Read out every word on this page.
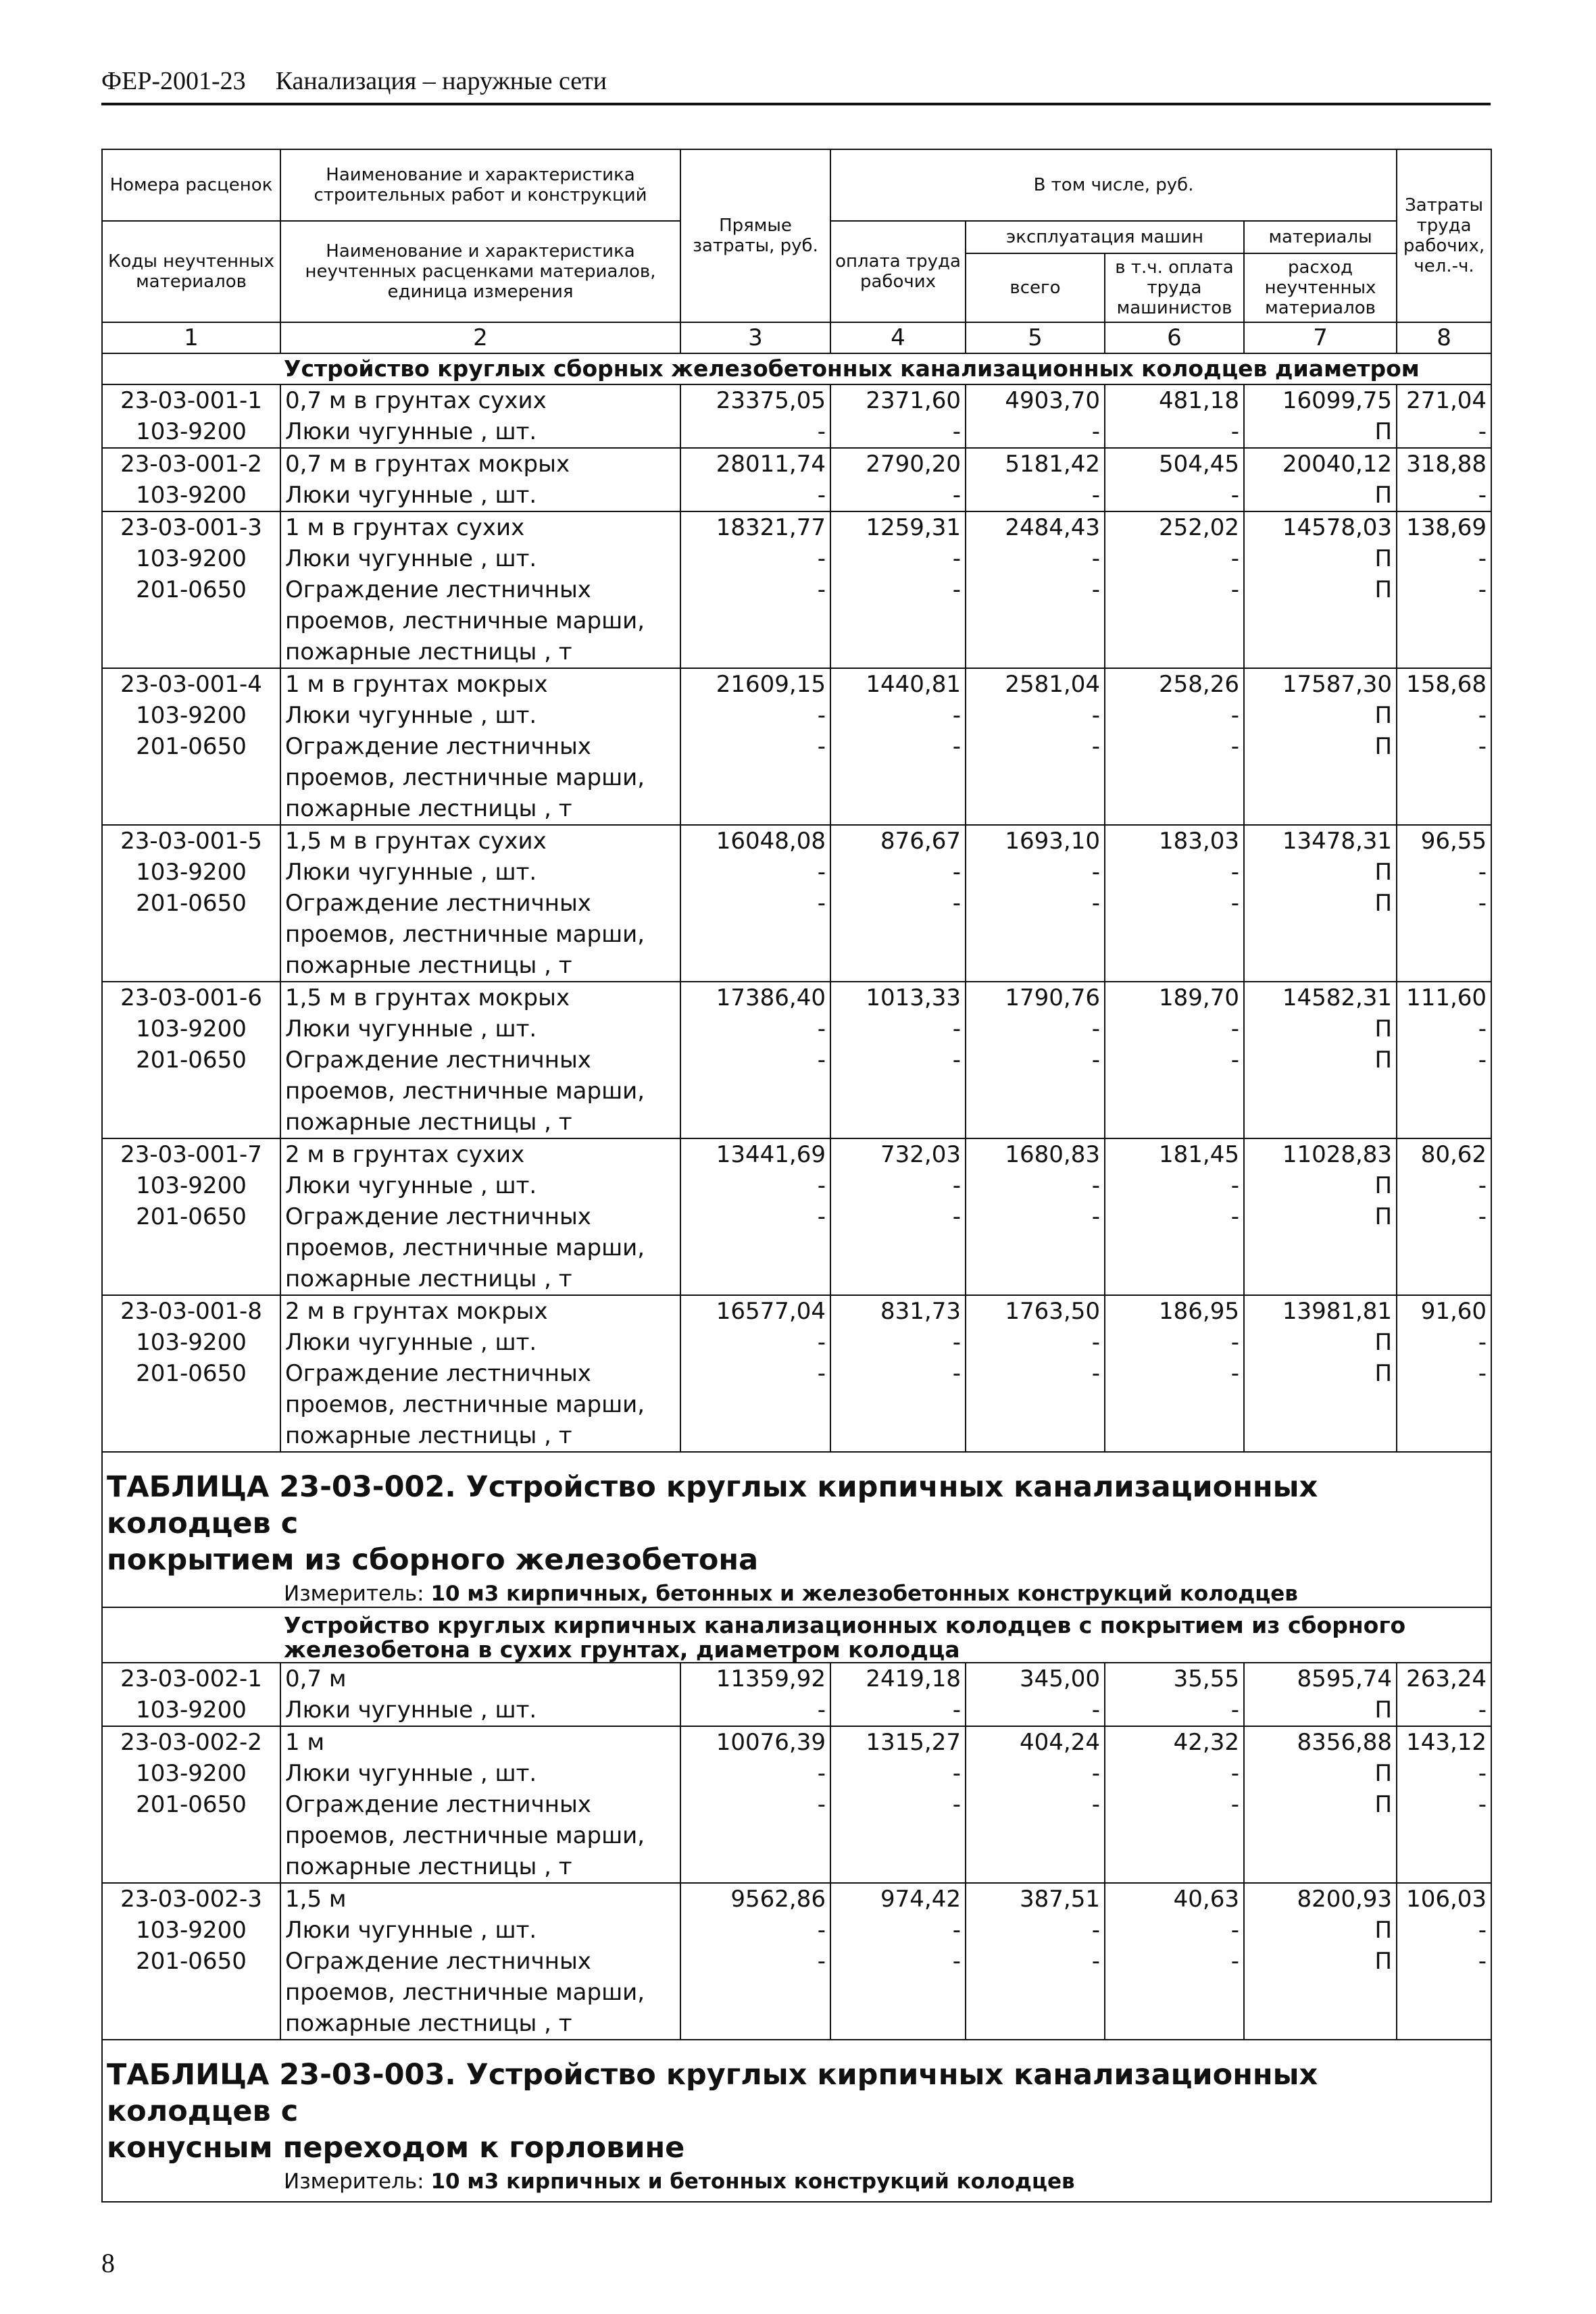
ФЕР-2001-23 Канализация – наружные сети
Номера расценок	Наименование и характеристика строительных работ и конструкций	Прямые затраты, руб.	В том числе, руб.				Затраты труда рабочих, чел.-ч.
Коды неучтенных материалов	Наименование и характеристика неучтенных расценками материалов, единица измерения		оплата труда рабочих	эксплуатация машин		материалы	
				всего	в т.ч. оплата труда машинистов	расход неучтенных материалов	
1	2	3	4	5	6	7	8
Устройство круглых сборных железобетонных канализационных колодцев диаметром							
23-03-001-1	0,7 м в грунтах сухих	23375,05	2371,60	4903,70	481,18	16099,75	271,04
103-9200	Люки чугунные , шт.	-	-	-	-	П	-
23-03-001-2	0,7 м в грунтах мокрых	28011,74	2790,20	5181,42	504,45	20040,12	318,88
103-9200	Люки чугунные , шт.	-	-	-	-	П	-
23-03-001-3	1 м в грунтах сухих	18321,77	1259,31	2484,43	252,02	14578,03	138,69
103-9200	Люки чугунные , шт.	-	-	-	-	П	-
201-0650	Ограждение лестничных	-	-	-	-	П	-
	проемов, лестничные марши,						
	пожарные лестницы , т						
23-03-001-4	1 м в грунтах мокрых	21609,15	1440,81	2581,04	258,26	17587,30	158,68
103-9200	Люки чугунные , шт.	-	-	-	-	П	-
201-0650	Ограждение лестничных	-	-	-	-	П	-
	проемов, лестничные марши,						
	пожарные лестницы , т						
23-03-001-5	1,5 м в грунтах сухих	16048,08	876,67	1693,10	183,03	13478,31	96,55
103-9200	Люки чугунные , шт.	-	-	-	-	П	-
201-0650	Ограждение лестничных	-	-	-	-	П	-
	проемов, лестничные марши,						
	пожарные лестницы , т						
23-03-001-6	1,5 м в грунтах мокрых	17386,40	1013,33	1790,76	189,70	14582,31	111,60
103-9200	Люки чугунные , шт.	-	-	-	-	П	-
201-0650	Ограждение лестничных	-	-	-	-	П	-
	проемов, лестничные марши,						
	пожарные лестницы , т						
23-03-001-7	2 м в грунтах сухих	13441,69	732,03	1680,83	181,45	11028,83	80,62
103-9200	Люки чугунные , шт.	-	-	-	-	П	-
201-0650	Ограждение лестничных	-	-	-	-	П	-
	проемов, лестничные марши,						
	пожарные лестницы , т						
23-03-001-8	2 м в грунтах мокрых	16577,04	831,73	1763,50	186,95	13981,81	91,60
103-9200	Люки чугунные , шт.	-	-	-	-	П	-
201-0650	Ограждение лестничных	-	-	-	-	П	-
	проемов, лестничные марши,						
	пожарные лестницы , т						

ТАБЛИЦА 23-03-002. Устройство круглых кирпичных канализационных колодцев с
покрытием из сборного железобетона							

Измеритель: 10 м3 кирпичных, бетонных и железобетонных конструкций колодцев							

Устройство круглых кирпичных канализационных колодцев с покрытием из сборного
железобетона в сухих грунтах, диаметром колодца							

23-03-002-1	0,7 м	11359,92	2419,18	345,00	35,55	8595,74	263,24
103-9200	Люки чугунные , шт.	-	-	-	-	П	-
23-03-002-2	1 м	10076,39	1315,27	404,24	42,32	8356,88	143,12
103-9200	Люки чугунные , шт.	-	-	-	-	П	-
201-0650	Ограждение лестничных	-	-	-	-	П	-
	проемов, лестничные марши,						
	пожарные лестницы , т						
23-03-002-3	1,5 м	9562,86	974,42	387,51	40,63	8200,93	106,03
103-9200	Люки чугунные , шт.	-	-	-	-	П	-
201-0650	Ограждение лестничных	-	-	-	-	П	-
	проемов, лестничные марши,						
	пожарные лестницы , т						

ТАБЛИЦА 23-03-003. Устройство круглых кирпичных канализационных колодцев с
конусным переходом к горловине							

Измеритель: 10 м3 кирпичных и бетонных конструкций колодцев							
8
